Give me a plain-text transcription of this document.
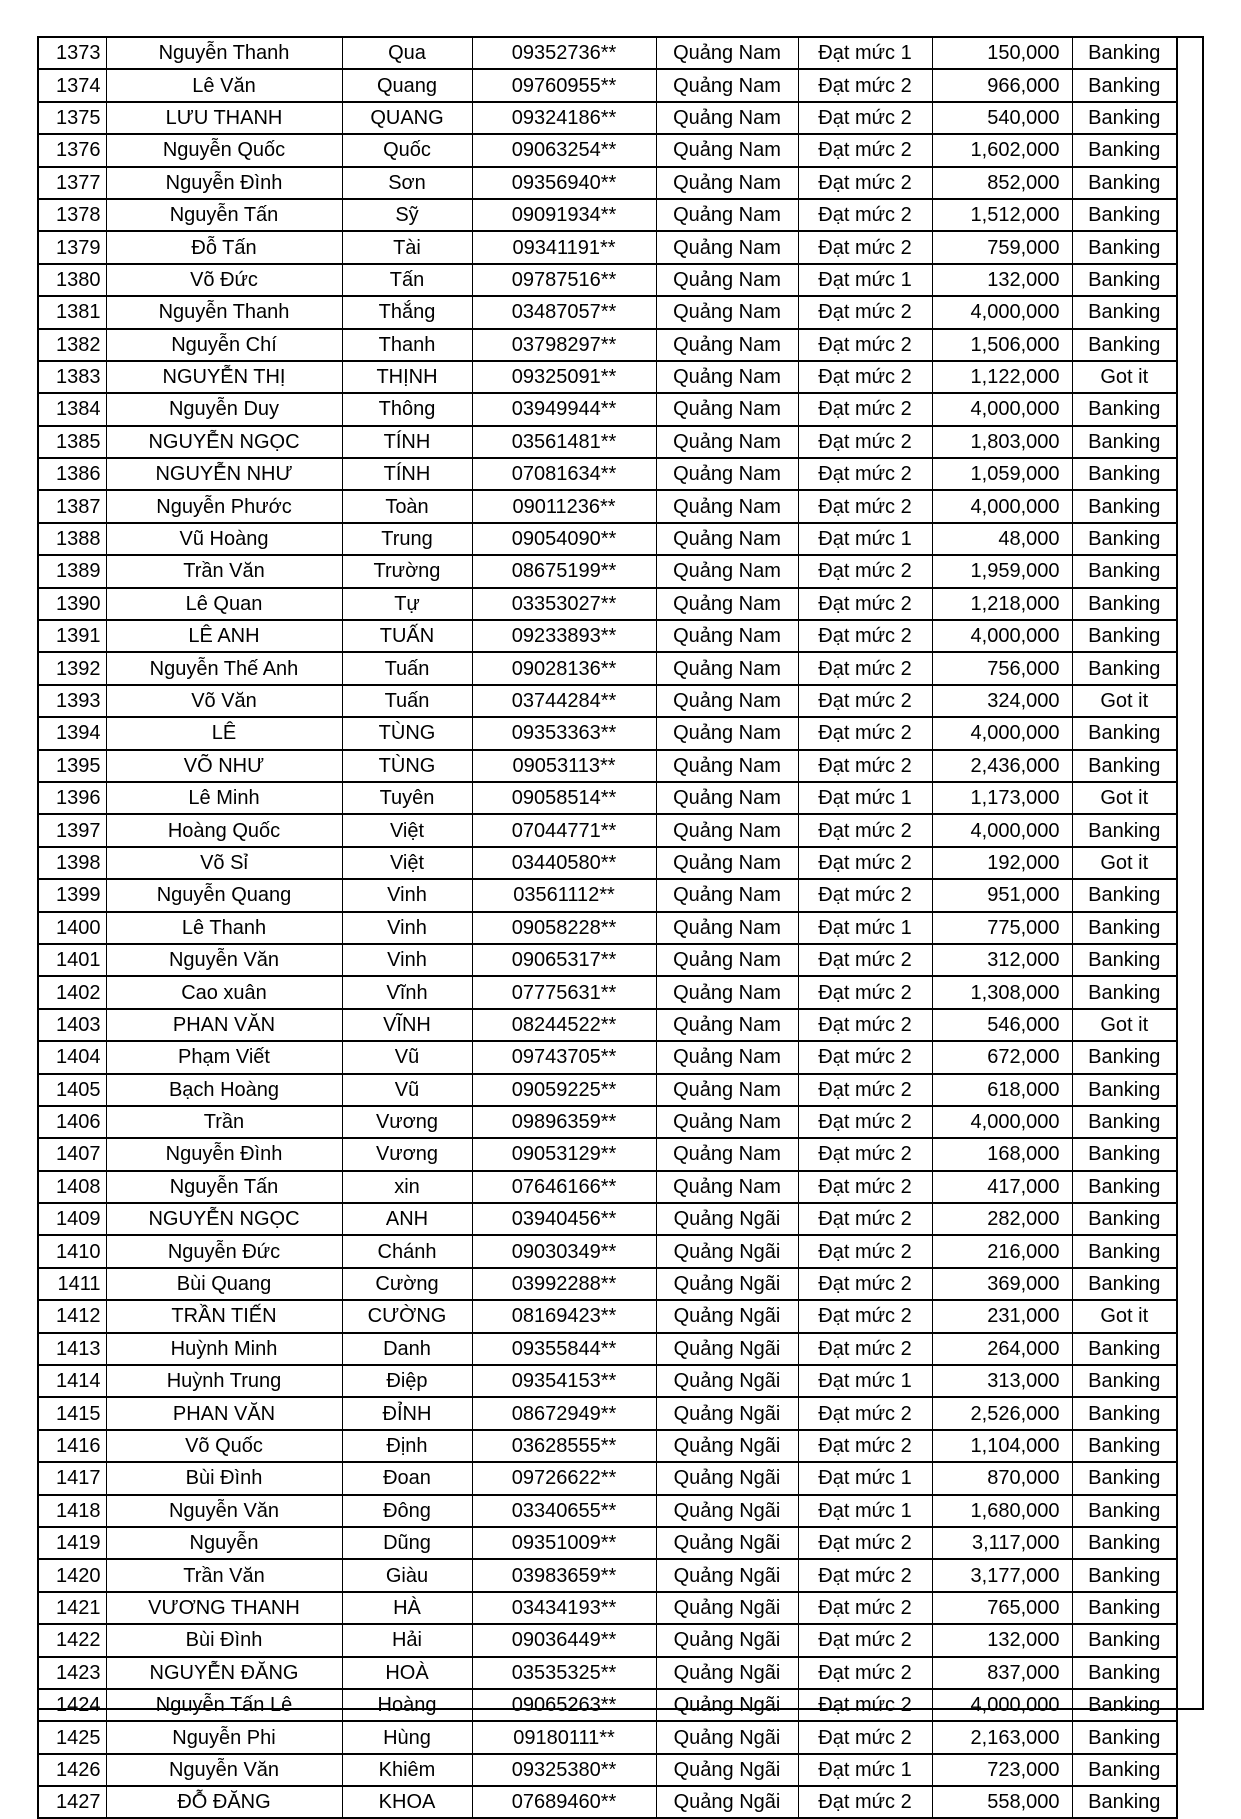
1373	Nguyễn Thanh	Qua	09352736**	Quảng Nam	Đạt mức 1	150,000	Banking
1374	Lê Văn	Quang	09760955**	Quảng Nam	Đạt mức 2	966,000	Banking
1375	LƯU THANH	QUANG	09324186**	Quảng Nam	Đạt mức 2	540,000	Banking
1376	Nguyễn Quốc	Quốc	09063254**	Quảng Nam	Đạt mức 2	1,602,000	Banking
1377	Nguyễn Đình	Sơn	09356940**	Quảng Nam	Đạt mức 2	852,000	Banking
1378	Nguyễn Tấn	Sỹ	09091934**	Quảng Nam	Đạt mức 2	1,512,000	Banking
1379	Đỗ Tấn	Tài	09341191**	Quảng Nam	Đạt mức 2	759,000	Banking
1380	Võ Đức	Tấn	09787516**	Quảng Nam	Đạt mức 1	132,000	Banking
1381	Nguyễn Thanh	Thắng	03487057**	Quảng Nam	Đạt mức 2	4,000,000	Banking
1382	Nguyễn Chí	Thanh	03798297**	Quảng Nam	Đạt mức 2	1,506,000	Banking
1383	NGUYỄN THỊ	THỊNH	09325091**	Quảng Nam	Đạt mức 2	1,122,000	Got it
1384	Nguyễn Duy	Thông	03949944**	Quảng Nam	Đạt mức 2	4,000,000	Banking
1385	NGUYỄN NGỌC	TÍNH	03561481**	Quảng Nam	Đạt mức 2	1,803,000	Banking
1386	NGUYỄN NHƯ	TÍNH	07081634**	Quảng Nam	Đạt mức 2	1,059,000	Banking
1387	Nguyễn Phước	Toàn	09011236**	Quảng Nam	Đạt mức 2	4,000,000	Banking
1388	Vũ Hoàng	Trung	09054090**	Quảng Nam	Đạt mức 1	48,000	Banking
1389	Trần Văn	Trường	08675199**	Quảng Nam	Đạt mức 2	1,959,000	Banking
1390	Lê Quan	Tự	03353027**	Quảng Nam	Đạt mức 2	1,218,000	Banking
1391	LÊ ANH	TUẤN	09233893**	Quảng Nam	Đạt mức 2	4,000,000	Banking
1392	Nguyễn Thế Anh	Tuấn	09028136**	Quảng Nam	Đạt mức 2	756,000	Banking
1393	Võ Văn	Tuấn	03744284**	Quảng Nam	Đạt mức 2	324,000	Got it
1394	LÊ	TÙNG	09353363**	Quảng Nam	Đạt mức 2	4,000,000	Banking
1395	VÕ NHƯ	TÙNG	09053113**	Quảng Nam	Đạt mức 2	2,436,000	Banking
1396	Lê Minh	Tuyên	09058514**	Quảng Nam	Đạt mức 1	1,173,000	Got it
1397	Hoàng Quốc	Việt	07044771**	Quảng Nam	Đạt mức 2	4,000,000	Banking
1398	Võ Sỉ	Việt	03440580**	Quảng Nam	Đạt mức 2	192,000	Got it
1399	Nguyễn Quang	Vinh	03561112**	Quảng Nam	Đạt mức 2	951,000	Banking
1400	Lê Thanh	Vinh	09058228**	Quảng Nam	Đạt mức 1	775,000	Banking
1401	Nguyễn Văn	Vinh	09065317**	Quảng Nam	Đạt mức 2	312,000	Banking
1402	Cao xuân	Vĩnh	07775631**	Quảng Nam	Đạt mức 2	1,308,000	Banking
1403	PHAN VĂN	VĨNH	08244522**	Quảng Nam	Đạt mức 2	546,000	Got it
1404	Phạm Viết	Vũ	09743705**	Quảng Nam	Đạt mức 2	672,000	Banking
1405	Bạch Hoàng	Vũ	09059225**	Quảng Nam	Đạt mức 2	618,000	Banking
1406	Trần	Vương	09896359**	Quảng Nam	Đạt mức 2	4,000,000	Banking
1407	Nguyễn Đình	Vương	09053129**	Quảng Nam	Đạt mức 2	168,000	Banking
1408	Nguyễn Tấn	xin	07646166**	Quảng Nam	Đạt mức 2	417,000	Banking
1409	NGUYỄN NGỌC	ANH	03940456**	Quảng Ngãi	Đạt mức 2	282,000	Banking
1410	Nguyễn Đức	Chánh	09030349**	Quảng Ngãi	Đạt mức 2	216,000	Banking
1411	Bùi Quang	Cường	03992288**	Quảng Ngãi	Đạt mức 2	369,000	Banking
1412	TRẦN TIẾN	CƯỜNG	08169423**	Quảng Ngãi	Đạt mức 2	231,000	Got it
1413	Huỳnh Minh	Danh	09355844**	Quảng Ngãi	Đạt mức 2	264,000	Banking
1414	Huỳnh Trung	Điệp	09354153**	Quảng Ngãi	Đạt mức 1	313,000	Banking
1415	PHAN VĂN	ĐỈNH	08672949**	Quảng Ngãi	Đạt mức 2	2,526,000	Banking
1416	Võ Quốc	Định	03628555**	Quảng Ngãi	Đạt mức 2	1,104,000	Banking
1417	Bùi Đình	Đoan	09726622**	Quảng Ngãi	Đạt mức 1	870,000	Banking
1418	Nguyễn Văn	Đông	03340655**	Quảng Ngãi	Đạt mức 1	1,680,000	Banking
1419	Nguyễn	Dũng	09351009**	Quảng Ngãi	Đạt mức 2	3,117,000	Banking
1420	Trần Văn	Giàu	03983659**	Quảng Ngãi	Đạt mức 2	3,177,000	Banking
1421	VƯƠNG THANH	HÀ	03434193**	Quảng Ngãi	Đạt mức 2	765,000	Banking
1422	Bùi Đình	Hải	09036449**	Quảng Ngãi	Đạt mức 2	132,000	Banking
1423	NGUYỄN ĐĂNG	HOÀ	03535325**	Quảng Ngãi	Đạt mức 2	837,000	Banking
1424	Nguyễn Tấn Lê	Hoàng	09065263**	Quảng Ngãi	Đạt mức 2	4,000,000	Banking
1425	Nguyễn Phi	Hùng	09180111**	Quảng Ngãi	Đạt mức 2	2,163,000	Banking
1426	Nguyễn Văn	Khiêm	09325380**	Quảng Ngãi	Đạt mức 1	723,000	Banking
1427	ĐỖ ĐĂNG	KHOA	07689460**	Quảng Ngãi	Đạt mức 2	558,000	Banking
